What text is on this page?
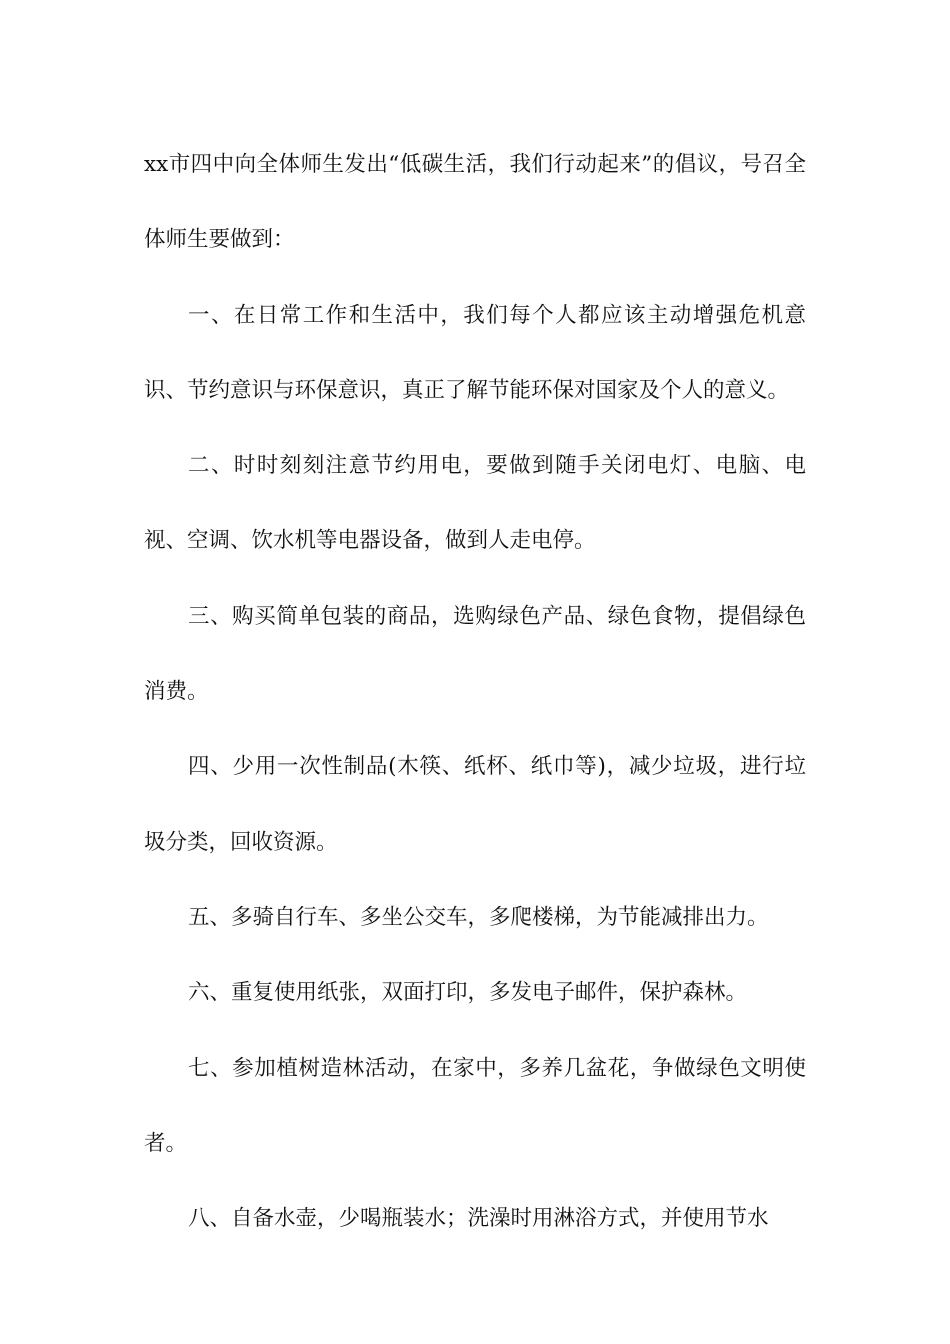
xx市四中向全体师生发出“低碳生活，我们行动起来”的倡议，号召全体师生要做到：

一、在日常工作和生活中，我们每个人都应该主动增强危机意识、节约意识与环保意识，真正了解节能环保对国家及个人的意义。

二、时时刻刻注意节约用电，要做到随手关闭电灯、电脑、电视、空调、饮水机等电器设备，做到人走电停。

三、购买简单包装的商品，选购绿色产品、绿色食物，提倡绿色消费。

四、少用一次性制品(木筷、纸杯、纸巾等)，减少垃圾，进行垃圾分类，回收资源。

五、多骑自行车、多坐公交车，多爬楼梯，为节能减排出力。

六、重复使用纸张，双面打印，多发电子邮件，保护森林。

七、参加植树造林活动，在家中，多养几盆花，争做绿色文明使者。

八、自备水壶，少喝瓶装水；洗澡时用淋浴方式，并使用节水
